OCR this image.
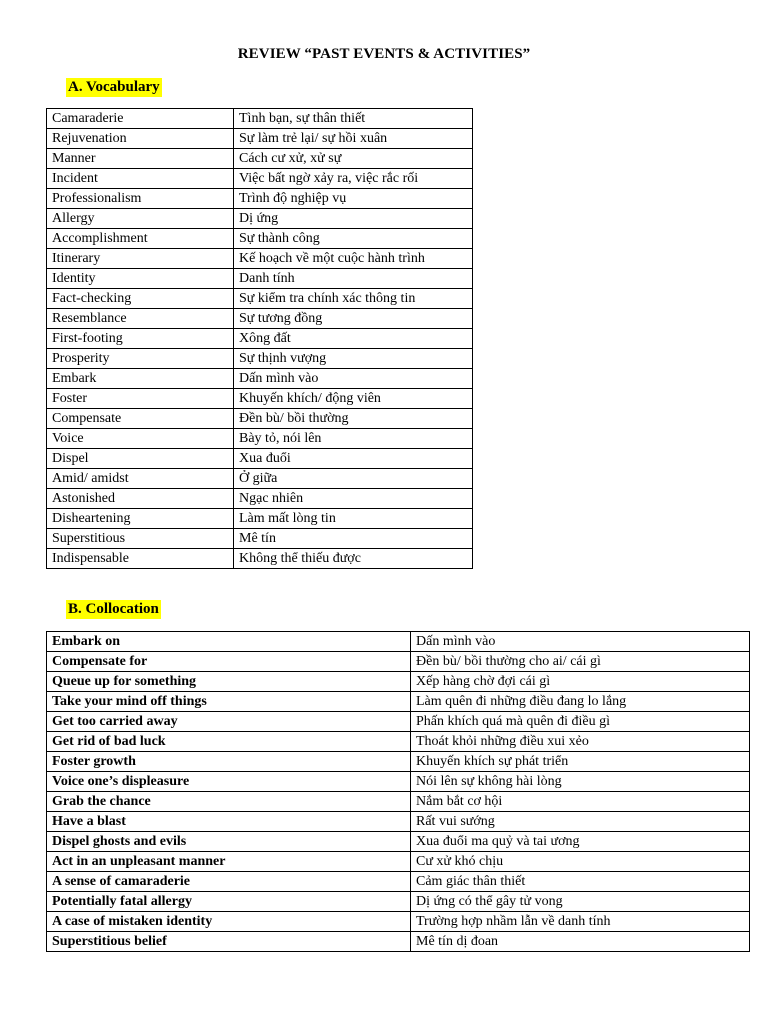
REVIEW “PAST EVENTS & ACTIVITIES”
A. Vocabulary
Camaraderie	Tình bạn, sự thân thiết
Rejuvenation	Sự làm trẻ lại/ sự hồi xuân
Manner	Cách cư xử, xử sự
Incident	Việc bất ngờ xảy ra, việc rắc rối
Professionalism	Trình độ nghiệp vụ
Allergy	Dị ứng
Accomplishment	Sự thành công
Itinerary	Kế hoạch về một cuộc hành trình
Identity	Danh tính
Fact-checking	Sự kiểm tra chính xác thông tin
Resemblance	Sự tương đồng
First-footing	Xông đất
Prosperity	Sự thịnh vượng
Embark	Dấn mình vào
Foster	Khuyến khích/ động viên
Compensate	Đền bù/ bồi thường
Voice	Bày tỏ, nói lên
Dispel	Xua đuổi
Amid/ amidst	Ở giữa
Astonished	Ngạc nhiên
Disheartening	Làm mất lòng tin
Superstitious	Mê tín
Indispensable	Không thể thiếu được
B. Collocation
Embark on	Dấn mình vào
Compensate for	Đền bù/ bồi thường cho ai/ cái gì
Queue up for something	Xếp hàng chờ đợi cái gì
Take your mind off things	Làm quên đi những điều đang lo lắng
Get too carried away	Phấn khích quá mà quên đi điều gì
Get rid of bad luck	Thoát khỏi những điều xui xẻo
Foster growth	Khuyến khích sự phát triển
Voice one’s displeasure	Nói lên sự không hài lòng
Grab the chance	Nắm bắt cơ hội
Have a blast	Rất vui sướng
Dispel ghosts and evils	Xua đuổi ma quỷ và tai ương
Act in an unpleasant manner	Cư xử khó chịu
A sense of camaraderie	Cảm giác thân thiết
Potentially fatal allergy	Dị ứng có thể gây tử vong
A case of mistaken identity	Trường hợp nhầm lẫn về danh tính
Superstitious belief	Mê tín dị đoan
